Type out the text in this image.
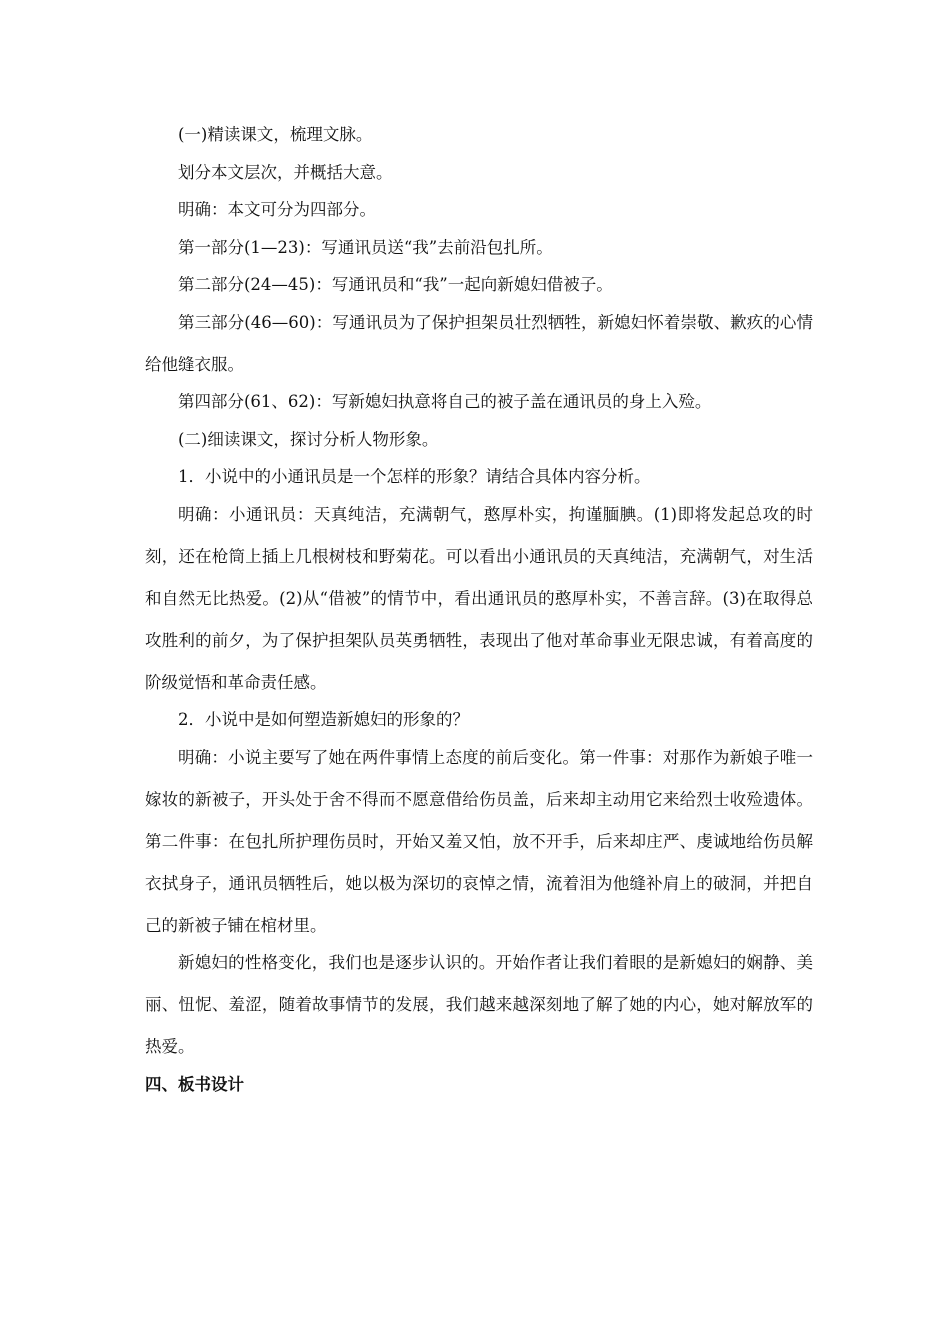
(一)精读课文，梳理文脉。

划分本文层次，并概括大意。

明确：本文可分为四部分。

第一部分(1—23)：写通讯员送“我”去前沿包扎所。

第二部分(24—45)：写通讯员和“我”一起向新媳妇借被子。

第三部分(46—60)：写通讯员为了保护担架员壮烈牺牲，新媳妇怀着崇敬、歉疚的心情给他缝衣服。

第四部分(61、62)：写新媳妇执意将自己的被子盖在通讯员的身上入殓。

(二)细读课文，探讨分析人物形象。

1．小说中的小通讯员是一个怎样的形象？请结合具体内容分析。

明确：小通讯员：天真纯洁，充满朝气，憨厚朴实，拘谨腼腆。(1)即将发起总攻的时刻，还在枪筒上插上几根树枝和野菊花。可以看出小通讯员的天真纯洁，充满朝气，对生活和自然无比热爱。(2)从“借被”的情节中，看出通讯员的憨厚朴实，不善言辞。(3)在取得总攻胜利的前夕，为了保护担架队员英勇牺牲，表现出了他对革命事业无限忠诚，有着高度的阶级觉悟和革命责任感。

2．小说中是如何塑造新媳妇的形象的？

明确：小说主要写了她在两件事情上态度的前后变化。第一件事：对那作为新娘子唯一嫁妆的新被子，开头处于舍不得而不愿意借给伤员盖，后来却主动用它来给烈士收殓遗体。第二件事：在包扎所护理伤员时，开始又羞又怕，放不开手，后来却庄严、虔诚地给伤员解衣拭身子，通讯员牺牲后，她以极为深切的哀悼之情，流着泪为他缝补肩上的破洞，并把自己的新被子铺在棺材里。

新媳妇的性格变化，我们也是逐步认识的。开始作者让我们着眼的是新媳妇的娴静、美丽、忸怩、羞涩，随着故事情节的发展，我们越来越深刻地了解了她的内心，她对解放军的热爱。

四、板书设计
